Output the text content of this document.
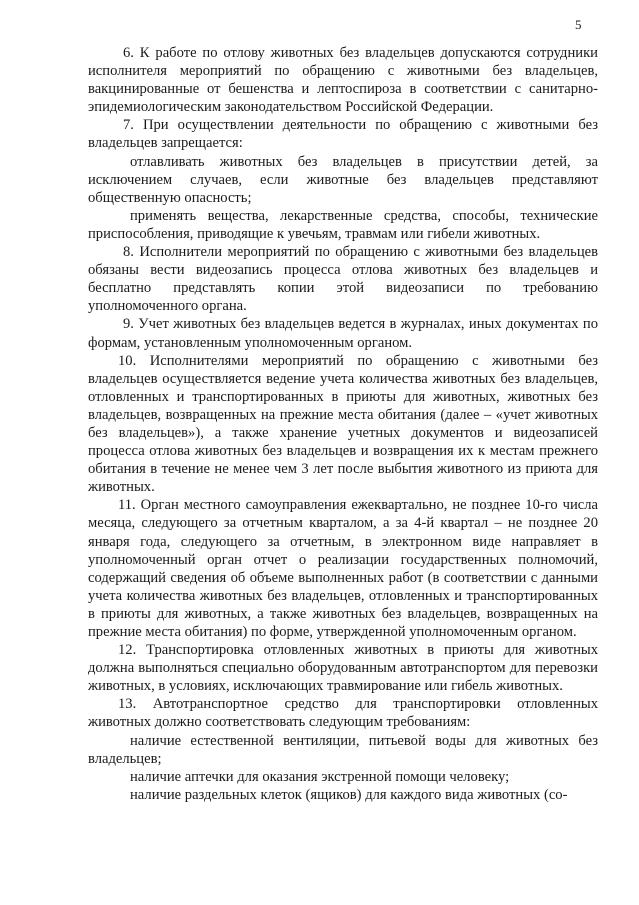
5

6. К работе по отлову животных без владельцев допускаются сотрудники исполнителя мероприятий по обращению с животными без владельцев, вакцинированные от бешенства и лептоспироза в соответствии с санитарно-эпидемиологическим законодательством Российской Федерации.

7. При осуществлении деятельности по обращению с животными без владельцев запрещается:

отлавливать животных без владельцев в присутствии детей, за исключением случаев, если животные без владельцев представляют общественную опасность;

применять вещества, лекарственные средства, способы, технические приспособления, приводящие к увечьям, травмам или гибели животных.

8. Исполнители мероприятий по обращению с животными без владельцев обязаны вести видеозапись процесса отлова животных без владельцев и бесплатно представлять копии этой видеозаписи по требованию уполномоченного органа.

9. Учет животных без владельцев ведется в журналах, иных документах по формам, установленным уполномоченным органом.

10. Исполнителями мероприятий по обращению с животными без владельцев осуществляется ведение учета количества животных без владельцев, отловленных и транспортированных в приюты для животных, животных без владельцев, возвращенных на прежние места обитания (далее – «учет животных без владельцев»), а также хранение учетных документов и видеозаписей процесса отлова животных без владельцев и возвращения их к местам прежнего обитания в течение не менее чем 3 лет после выбытия животного из приюта для животных.

11. Орган местного самоуправления ежеквартально, не позднее 10-го числа месяца, следующего за отчетным кварталом, а за 4-й квартал – не позднее 20 января года, следующего за отчетным, в электронном виде направляет в уполномоченный орган отчет о реализации государственных полномочий, содержащий сведения об объеме выполненных работ (в соответствии с данными учета количества животных без владельцев, отловленных и транспортированных в приюты для животных, а также животных без владельцев, возвращенных на прежние места обитания) по форме, утвержденной уполномоченным органом.

12. Транспортировка отловленных животных в приюты для животных должна выполняться специально оборудованным автотранспортом для перевозки животных, в условиях, исключающих травмирование или гибель животных.

13. Автотранспортное средство для транспортировки отловленных животных должно соответствовать следующим требованиям:

наличие естественной вентиляции, питьевой воды для животных без владельцев;

наличие аптечки для оказания экстренной помощи человеку;

наличие раздельных клеток (ящиков) для каждого вида животных (со-
